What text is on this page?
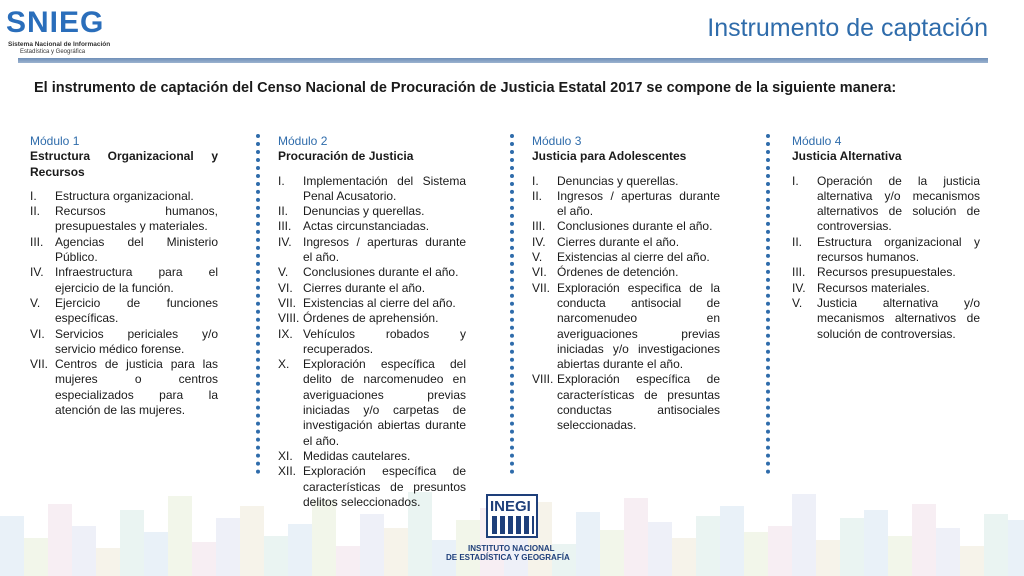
SNIEG
Sistema Nacional de Información
Estadística y Geográfica
Instrumento de captación
El instrumento de captación del Censo Nacional de Procuración de Justicia Estatal 2017 se compone de la siguiente manera:
Módulo 1
Estructura Organizacional y Recursos
I. Estructura organizacional.
II. Recursos humanos, presupuestales y materiales.
III. Agencias del Ministerio Público.
IV. Infraestructura para el ejercicio de la función.
V. Ejercicio de funciones específicas.
VI. Servicios periciales y/o servicio médico forense.
VII. Centros de justicia para las mujeres o centros especializados para la atención de las mujeres.
Módulo 2
Procuración de Justicia
I. Implementación del Sistema Penal Acusatorio.
II. Denuncias y querellas.
III. Actas circunstanciadas.
IV. Ingresos / aperturas durante el año.
V. Conclusiones durante el año.
VI. Cierres durante el año.
VII. Existencias al cierre del año.
VIII. Órdenes de aprehensión.
IX. Vehículos robados y recuperados.
X. Exploración específica del delito de narcomenudeo en averiguaciones previas iniciadas y/o carpetas de investigación abiertas durante el año.
XI. Medidas cautelares.
XII. Exploración específica de características de presuntos delitos seleccionados.
Módulo 3
Justicia para Adolescentes
I. Denuncias y querellas.
II. Ingresos / aperturas durante el año.
III. Conclusiones durante el año.
IV. Cierres durante el año.
V. Existencias al cierre del año.
VI. Órdenes de detención.
VII. Exploración especifica de la conducta antisocial de narcomenudeo en averiguaciones previas iniciadas y/o investigaciones abiertas durante el año.
VIII. Exploración específica de características de presuntas conductas antisociales seleccionadas.
Módulo 4
Justicia Alternativa
I. Operación de la justicia alternativa y/o mecanismos alternativos de solución de controversias.
II. Estructura organizacional y recursos humanos.
III. Recursos presupuestales.
IV. Recursos materiales.
V. Justicia alternativa y/o mecanismos alternativos de solución de controversias.
INEGI
INSTITUTO NACIONAL
DE ESTADÍSTICA Y GEOGRAFÍA
